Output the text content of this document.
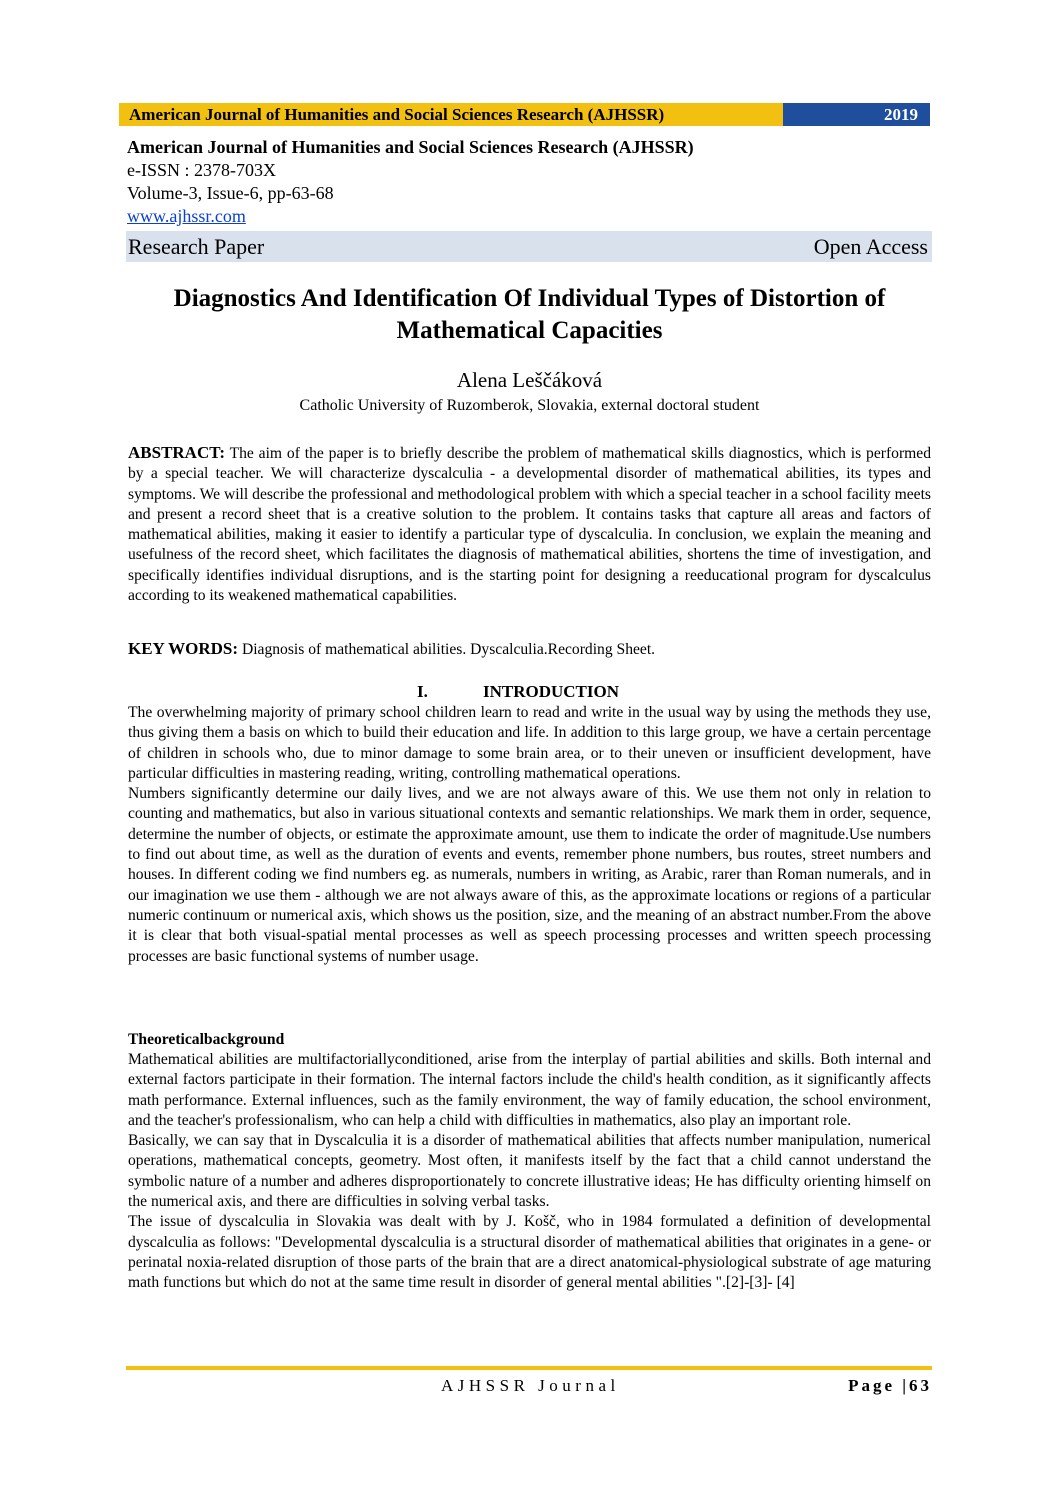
American Journal of Humanities and Social Sciences Research (AJHSSR)	2019
American Journal of Humanities and Social Sciences Research (AJHSSR)
e-ISSN : 2378-703X
Volume-3, Issue-6, pp-63-68
www.ajhssr.com
Research Paper	Open Access
Diagnostics And Identification Of Individual Types of Distortion of Mathematical Capacities
Alena Leščáková
Catholic University of Ruzomberok, Slovakia, external doctoral student

ABSTRACT: The aim of the paper is to briefly describe the problem of mathematical skills diagnostics, which is performed by a special teacher. We will characterize dyscalculia - a developmental disorder of mathematical abilities, its types and symptoms. We will describe the professional and methodological problem with which a special teacher in a school facility meets and present a record sheet that is a creative solution to the problem. It contains tasks that capture all areas and factors of mathematical abilities, making it easier to identify a particular type of dyscalculia. In conclusion, we explain the meaning and usefulness of the record sheet, which facilitates the diagnosis of mathematical abilities, shortens the time of investigation, and specifically identifies individual disruptions, and is the starting point for designing a reeducational program for dyscalculus according to its weakened mathematical capabilities.

KEY WORDS: Diagnosis of mathematical abilities. Dyscalculia.Recording Sheet.

I.	INTRODUCTION

The overwhelming majority of primary school children learn to read and write in the usual way by using the methods they use, thus giving them a basis on which to build their education and life. In addition to this large group, we have a certain percentage of children in schools who, due to minor damage to some brain area, or to their uneven or insufficient development, have particular difficulties in mastering reading, writing, controlling mathematical operations.

Numbers significantly determine our daily lives, and we are not always aware of this. We use them not only in relation to counting and mathematics, but also in various situational contexts and semantic relationships. We mark them in order, sequence, determine the number of objects, or estimate the approximate amount, use them to indicate the order of magnitude.Use numbers to find out about time, as well as the duration of events and events, remember phone numbers, bus routes, street numbers and houses. In different coding we find numbers eg. as numerals, numbers in writing, as Arabic, rarer than Roman numerals, and in our imagination we use them - although we are not always aware of this, as the approximate locations or regions of a particular numeric continuum or numerical axis, which shows us the position, size, and the meaning of an abstract number.From the above it is clear that both visual-spatial mental processes as well as speech processing processes and written speech processing processes are basic functional systems of number usage.

Theoreticalbackground

Mathematical abilities are multifactoriallyconditioned, arise from the interplay of partial abilities and skills. Both internal and external factors participate in their formation. The internal factors include the child's health condition, as it significantly affects math performance. External influences, such as the family environment, the way of family education, the school environment, and the teacher's professionalism, who can help a child with difficulties in mathematics, also play an important role.

Basically, we can say that in Dyscalculia it is a disorder of mathematical abilities that affects number manipulation, numerical operations, mathematical concepts, geometry. Most often, it manifests itself by the fact that a child cannot understand the symbolic nature of a number and adheres disproportionately to concrete illustrative ideas; He has difficulty orienting himself on the numerical axis, and there are difficulties in solving verbal tasks.

The issue of dyscalculia in Slovakia was dealt with by J. Košč, who in 1984 formulated a definition of developmental dyscalculia as follows: "Developmental dyscalculia is a structural disorder of mathematical abilities that originates in a gene- or perinatal noxia-related disruption of those parts of the brain that are a direct anatomical-physiological substrate of age maturing math functions but which do not at the same time result in disorder of general mental abilities ".[2]-[3]- [4]

AJHSSR Journal	Page |63
